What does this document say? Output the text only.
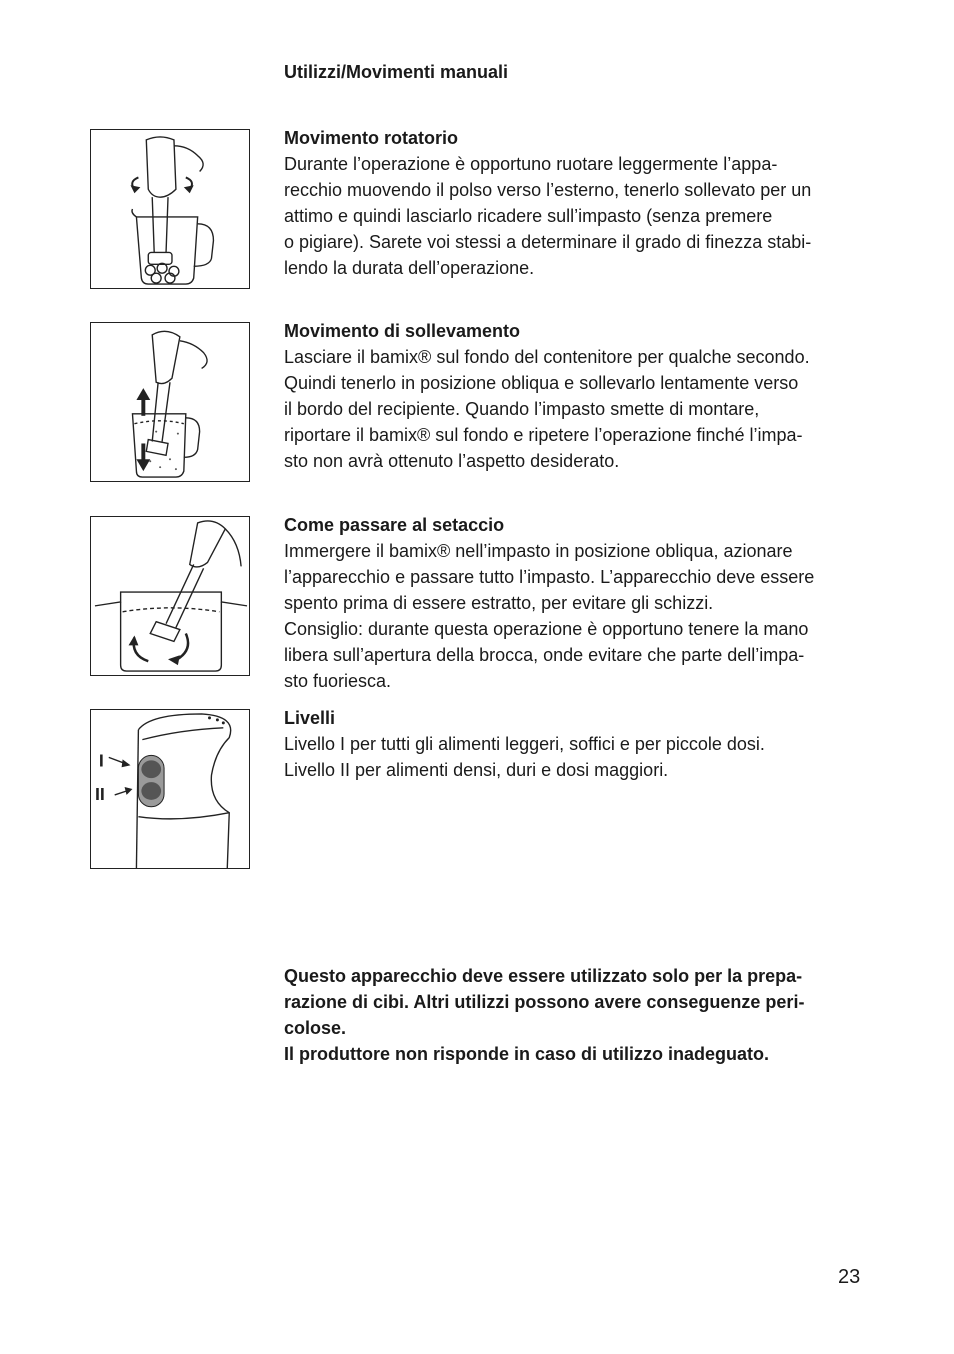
Utilizzi/Movimenti manuali
I
II
Movimento rotatorio

Durante l’operazione è opportuno ruotare leggermente l’appa-

recchio muovendo il polso verso l’esterno, tenerlo sollevato per un

attimo e quindi lasciarlo ricadere sull’impasto (senza premere

o pigiare). Sarete voi stessi a determinare il grado di finezza stabi-

lendo la durata dell’operazione.

Movimento di sollevamento

Lasciare il bamix® sul fondo del contenitore per qualche secondo.

Quindi tenerlo in posizione obliqua e sollevarlo lentamente verso

il bordo del recipiente. Quando l’impasto smette di montare,

riportare il bamix® sul fondo e ripetere l’operazione finché l’impa-

sto non avrà ottenuto l’aspetto desiderato.

Come passare al setaccio

Immergere il bamix® nell’impasto in posizione obliqua, azionare

l’apparecchio e passare tutto l’impasto. L’apparecchio deve essere

spento prima di essere estratto, per evitare gli schizzi.

Consiglio: durante questa operazione è opportuno tenere la mano

libera sull’apertura della brocca, onde evitare che parte dell’impa-

sto fuoriesca.

Livelli

Livello I per tutti gli alimenti leggeri, soffici e per piccole dosi.

Livello II per alimenti densi, duri e dosi maggiori.

Questo apparecchio deve essere utilizzato solo per la prepa-

razione di cibi. Altri utilizzi possono avere conseguenze peri-

colose.

Il produttore non risponde in caso di utilizzo inadeguato.

23
